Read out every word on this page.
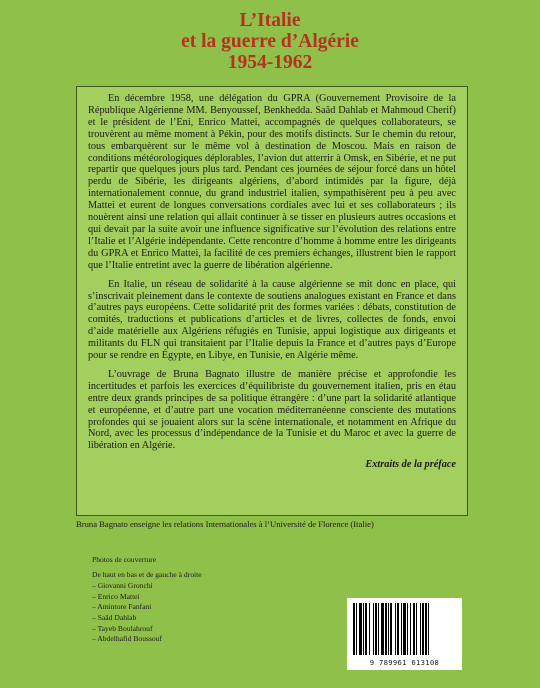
L’Italie
et la guerre d’Algérie
1954-1962

En décembre 1958, une délégation du GPRA (Gouvernement Provisoire de la République Algérienne MM. Benyoussef, Benkhedda. Saâd Dahlab et Mahmoud Cherif) et le président de l’Eni, Enrico Mattei, accompagnés de quelques collaborateurs, se trouvèrent au même moment à Pékin, pour des motifs distincts. Sur le chemin du retour, tous embarquèrent sur le même vol à destination de Moscou. Mais en raison de conditions météorologiques déplorables, l’avion dut atterrir à Omsk, en Sibérie, et ne put repartir que quelques jours plus tard. Pendant ces journées de séjour forcé dans un hôtel perdu de Sibérie, les dirigeants algériens, d’abord intimidés par la figure, déjà internationalement connue, du grand industriel italien, sympathisèrent peu à peu avec Mattei et eurent de longues conversations cordiales avec lui et ses collaborateurs ; ils nouèrent ainsi une relation qui allait continuer à se tisser en plusieurs autres occasions et qui devait par la suite avoir une influence significative sur l’évolution des relations entre l’Italie et l’Algérie indépendante. Cette rencontre d’homme à homme entre les dirigeants du GPRA et Enrico Mattei, la facilité de ces premiers échanges, illustrent bien le rapport que l’Italie entretint avec la guerre de libération algérienne.

En Italie, un réseau de solidarité à la cause algérienne se mit donc en place, qui s’inscrivait pleinement dans le contexte de soutiens analogues existant en France et dans d’autres pays européens. Cette solidarité prit des formes variées : débats, constitution de comités, traductions et publications d’articles et de livres, collectes de fonds, envoi d’aide matérielle aux Algériens réfugiés en Tunisie, appui logistique aux dirigeants et militants du FLN qui transitaient par l’Italie depuis la France et d’autres pays d’Europe pour se rendre en Égypte, en Libye, en Tunisie, en Algérie même.

L’ouvrage de Bruna Bagnato illustre de manière précise et approfondie les incertitudes et parfois les exercices d’équilibriste du gouvernement italien, pris en étau entre deux grands principes de sa politique étrangère : d’une part la solidarité atlantique et européenne, et d’autre part une vocation méditerranéenne consciente des mutations profondes qui se jouaient alors sur la scène internationale, et notamment en Afrique du Nord, avec les processus d’indépendance de la Tunisie et du Maroc et avec la guerre de libération en Algérie.

Extraits de la préface

Bruna Bagnato enseigne les relations Internationales à l’Université de Florence (Italie)
Photos de couverture
De haut en bas et de gauche à droite
– Giovanni Gronchi
– Enrico Mattei
– Amintore Fanfani
– Saâd Dahlab
– Tayeb Boulahrouf
– Abdelhafid Boussouf
9 789961 613108
